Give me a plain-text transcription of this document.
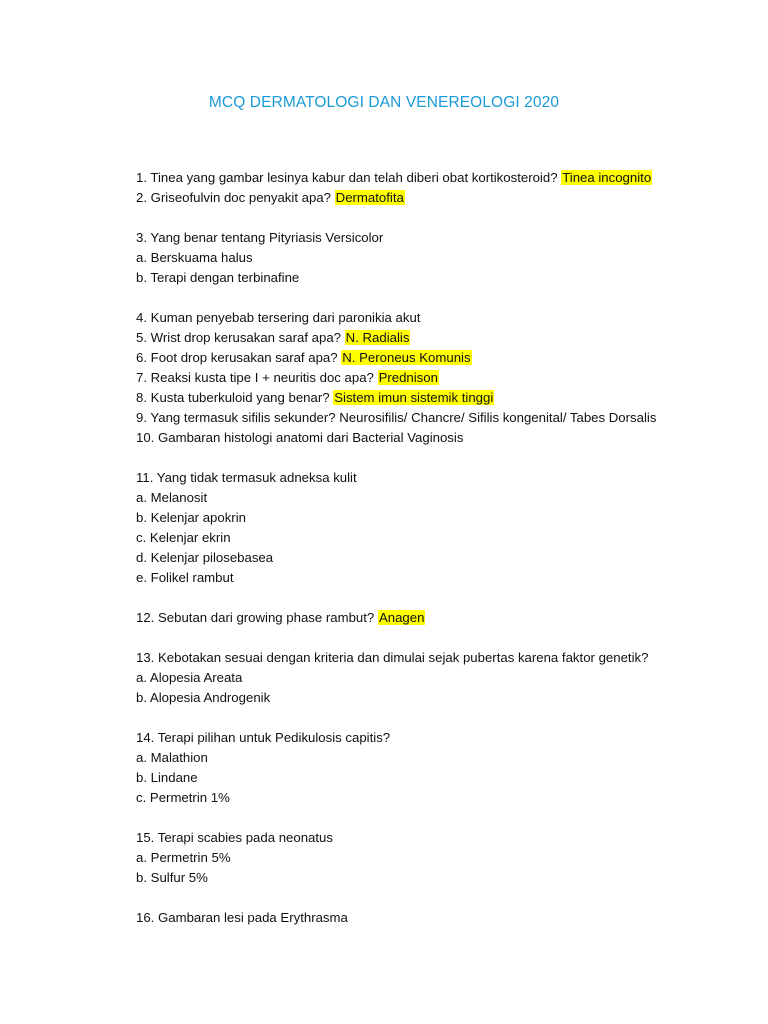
MCQ DERMATOLOGI DAN VENEREOLOGI 2020
1. Tinea yang gambar lesinya kabur dan telah diberi obat kortikosteroid? Tinea incognito
2. Griseofulvin doc penyakit apa? Dermatofita
3. Yang benar tentang Pityriasis Versicolor
a. Berskuama halus
b. Terapi dengan terbinafine
4. Kuman penyebab tersering dari paronikia akut
5. Wrist drop kerusakan saraf apa? N. Radialis
6. Foot drop kerusakan saraf apa? N. Peroneus Komunis
7. Reaksi kusta tipe I + neuritis doc apa? Prednison
8. Kusta tuberkuloid yang benar? Sistem imun sistemik tinggi
9. Yang termasuk sifilis sekunder? Neurosifilis/ Chancre/ Sifilis kongenital/ Tabes Dorsalis
10. Gambaran histologi anatomi dari Bacterial Vaginosis
11. Yang tidak termasuk adneksa kulit
a. Melanosit
b. Kelenjar apokrin
c. Kelenjar ekrin
d. Kelenjar pilosebasea
e. Folikel rambut
12. Sebutan dari growing phase rambut? Anagen
13. Kebotakan sesuai dengan kriteria dan dimulai sejak pubertas karena faktor genetik?
a. Alopesia Areata
b. Alopesia Androgenik
14. Terapi pilihan untuk Pedikulosis capitis?
a. Malathion
b. Lindane
c. Permetrin 1%
15. Terapi scabies pada neonatus
a. Permetrin 5%
b. Sulfur 5%
16. Gambaran lesi pada Erythrasma
